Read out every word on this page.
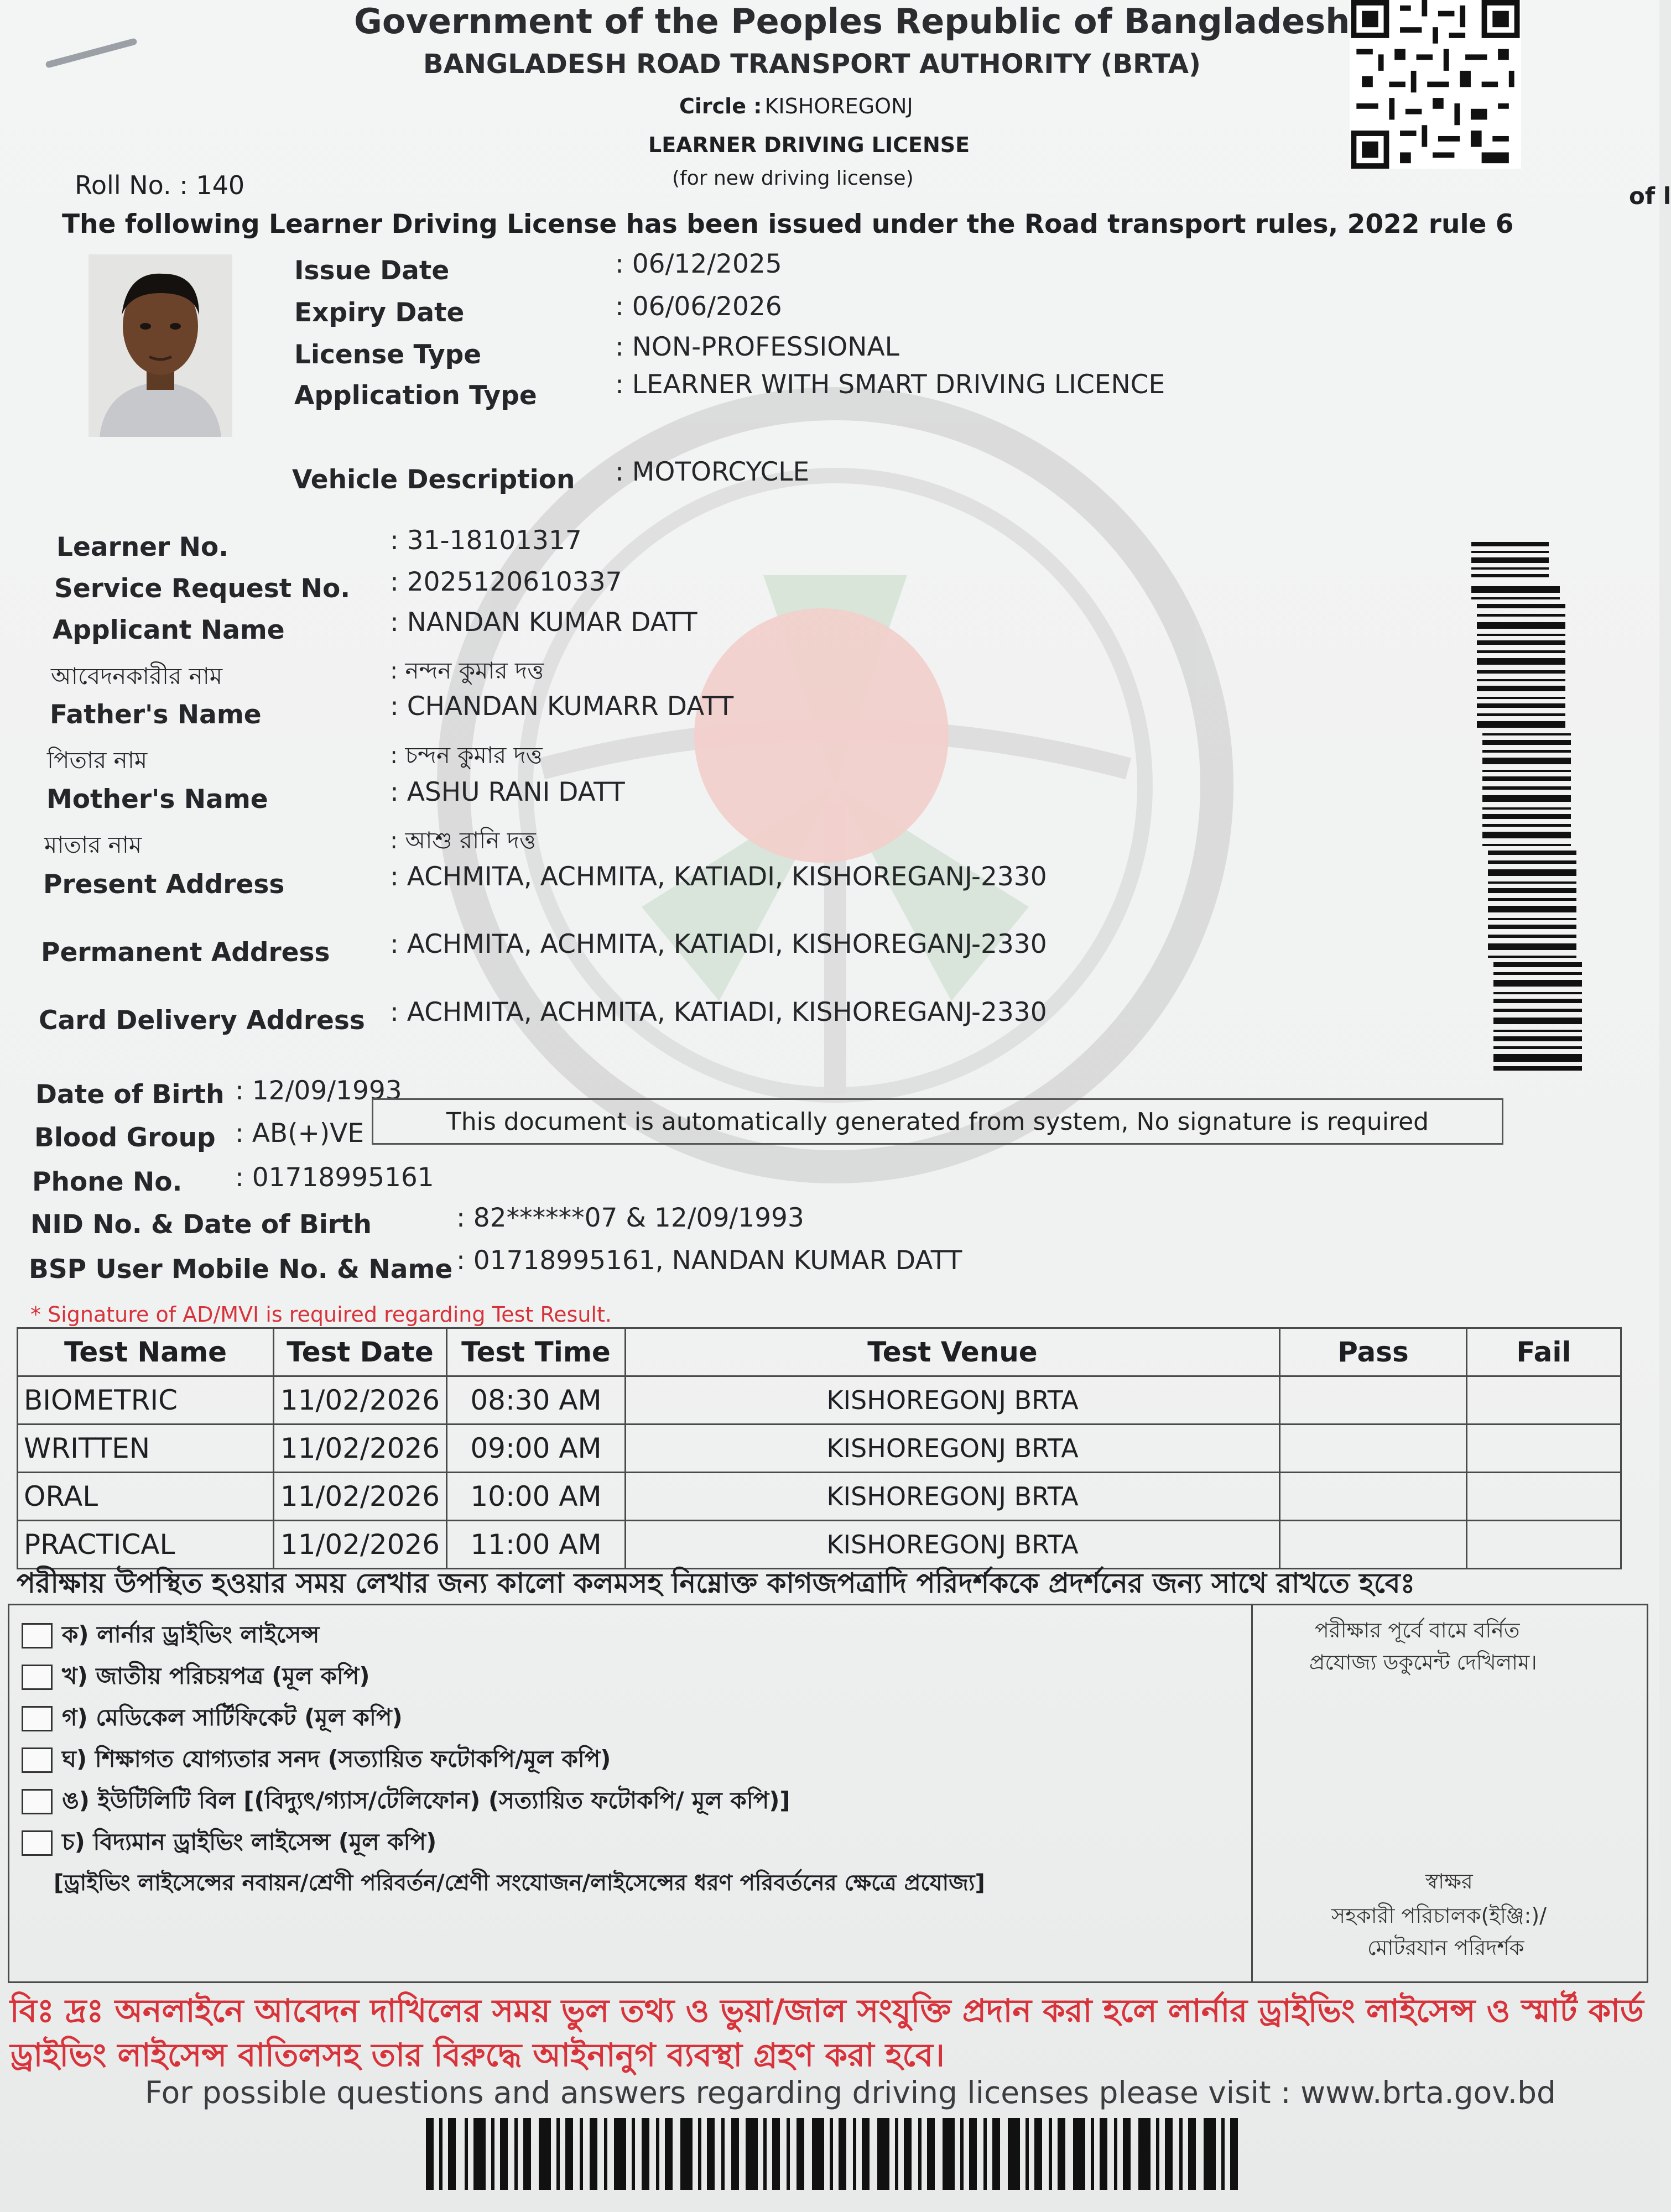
Government of the Peoples Republic of Bangladesh
BANGLADESH ROAD TRANSPORT AUTHORITY (BRTA)
Circle : KISHOREGONJ
LEARNER DRIVING LICENSE
(for new driving license)
Roll No. : 140	of l
The following Learner Driving License has been issued under the Road transport rules, 2022 rule 6
Issue Date	: 06/12/2025
Expiry Date	: 06/06/2026
License Type	: NON-PROFESSIONAL
Application Type	: LEARNER WITH SMART DRIVING LICENCE
Vehicle Description : MOTORCYCLE
Learner No.	: 31-18101317
Service Request No. : 2025120610337
Applicant Name	: NANDAN KUMAR DATT
আবেদনকারীর নাম	: নন্দন কুমার দত্ত
Father's Name	: CHANDAN KUMARR DATT
পিতার নাম	: চন্দন কুমার দত্ত
Mother's Name	: ASHU RANI DATT
মাতার নাম	: আশু রানি দত্ত
Present Address	: ACHMITA, ACHMITA, KATIADI, KISHOREGANJ-2330
Permanent Address : ACHMITA, ACHMITA, KATIADI, KISHOREGANJ-2330
Card Delivery Address : ACHMITA, ACHMITA, KATIADI, KISHOREGANJ-2330
Date of Birth : 12/09/1993
Blood Group : AB(+)VE	This document is automatically generated from system, No signature is required
Phone No. : 01718995161
NID No. & Date of Birth	: 82******07 & 12/09/1993
BSP User Mobile No. & Name : 01718995161, NANDAN KUMAR DATT
* Signature of AD/MVI is required regarding Test Result.
Test Name	Test Date	Test Time	Test Venue	Pass	Fail
BIOMETRIC	11/02/2026	08:30 AM	KISHOREGONJ BRTA		
WRITTEN	11/02/2026	09:00 AM	KISHOREGONJ BRTA		
ORAL	11/02/2026	10:00 AM	KISHOREGONJ BRTA		
PRACTICAL	11/02/2026	11:00 AM	KISHOREGONJ BRTA		
পরীক্ষায় উপস্থিত হওয়ার সময় লেখার জন্য কালো কলমসহ নিম্নোক্ত কাগজপত্রাদি পরিদর্শককে প্রদর্শনের জন্য সাথে রাখতে হবেঃ
ক) লার্নার ড্রাইভিং লাইসেন্স
খ) জাতীয় পরিচয়পত্র (মূল কপি)
গ) মেডিকেল সার্টিফিকেট (মূল কপি)
ঘ) শিক্ষাগত যোগ্যতার সনদ (সত্যায়িত ফটোকপি/মূল কপি)
ঙ) ইউটিলিটি বিল [(বিদ্যুৎ/গ্যাস/টেলিফোন) (সত্যায়িত ফটোকপি/ মূল কপি)]
চ) বিদ্যমান ড্রাইভিং লাইসেন্স (মূল কপি)
[ড্রাইভিং লাইসেন্সের নবায়ন/শ্রেণী পরিবর্তন/শ্রেণী সংযোজন/লাইসেন্সের ধরণ পরিবর্তনের ক্ষেত্রে প্রযোজ্য]
পরীক্ষার পূর্বে বামে বর্নিত
প্রযোজ্য ডকুমেন্ট দেখিলাম।
স্বাক্ষর
সহকারী পরিচালক(ইঞ্জি:)/
মোটরযান পরিদর্শক
বিঃ দ্রঃ অনলাইনে আবেদন দাখিলের সময় ভুল তথ্য ও ভুয়া/জাল সংযুক্তি প্রদান করা হলে লার্নার ড্রাইভিং লাইসেন্স ও স্মার্ট কার্ড
ড্রাইভিং লাইসেন্স বাতিলসহ তার বিরুদ্ধে আইনানুগ ব্যবস্থা গ্রহণ করা হবে।
For possible questions and answers regarding driving licenses please visit : www.brta.gov.bd
